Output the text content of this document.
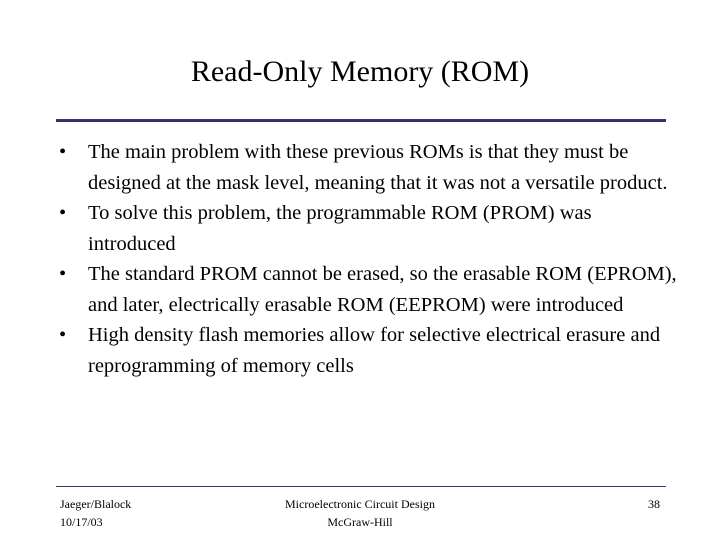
Read-Only Memory (ROM)
•	The main problem with these previous ROMs is that they must be designed at the mask level, meaning that it was not a versatile product.
•	To solve this problem, the programmable ROM (PROM) was introduced
•	The standard PROM cannot be erased, so the erasable ROM (EPROM), and later, electrically erasable ROM (EEPROM) were introduced
•	High density flash memories allow for selective electrical erasure and reprogramming of memory cells
Jaeger/Blalock
10/17/03
Microelectronic Circuit Design
McGraw-Hill
38
